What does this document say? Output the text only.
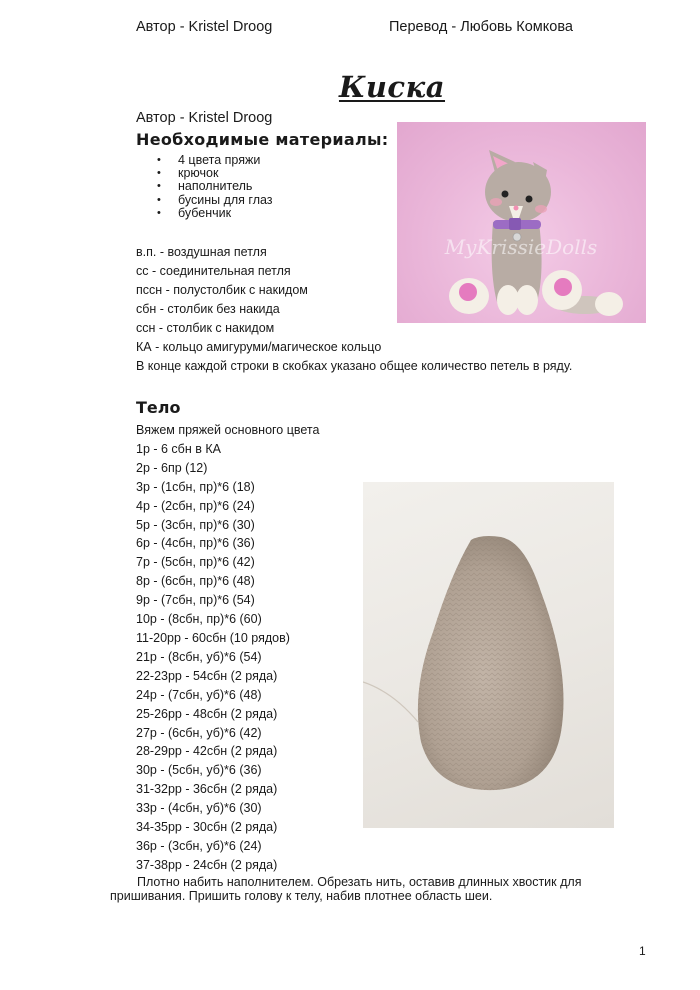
Автор - Kristel Droog	Перевод - Любовь Комкова
Киска
Автор - Kristel Droog
Необходимые материалы:
• 4 цвета пряжи
• крючок
• наполнитель
• бусины для глаз
• бубенчик
в.п. - воздушная петля
сс - соединительная петля
пссн - полустолбик с накидом
сбн - столбик без накида
ссн - столбик с накидом
КА - кольцо амигуруми/магическое кольцо
В конце каждой строки в скобках указано общее количество петель в ряду.
MyKrissieDolls
Тело
Вяжем пряжей основного цвета
1р - 6 сбн в КА
2р - 6пр (12)
3р - (1сбн, пр)*6 (18)
4р - (2сбн, пр)*6 (24)
5р - (3сбн, пр)*6 (30)
6р - (4сбн, пр)*6 (36)
7р - (5сбн, пр)*6 (42)
8р - (6сбн, пр)*6 (48)
9р - (7сбн, пр)*6 (54)
10р - (8сбн, пр)*6 (60)
11-20рр - 60сбн (10 рядов)
21р - (8сбн, уб)*6 (54)
22-23рр - 54сбн (2 ряда)
24р - (7сбн, уб)*6 (48)
25-26рр - 48сбн (2 ряда)
27р - (6сбн, уб)*6 (42)
28-29рр - 42сбн (2 ряда)
30р - (5сбн, уб)*6 (36)
31-32рр - 36сбн (2 ряда)
33р - (4сбн, уб)*6 (30)
34-35рр - 30сбн (2 ряда)
36р - (3сбн, уб)*6 (24)
37-38рр - 24сбн (2 ряда)

Плотно набить наполнителем. Обрезать нить, оставив длинных хвостик для пришивания. Пришить голову к телу, набив плотнее область шеи.

1
